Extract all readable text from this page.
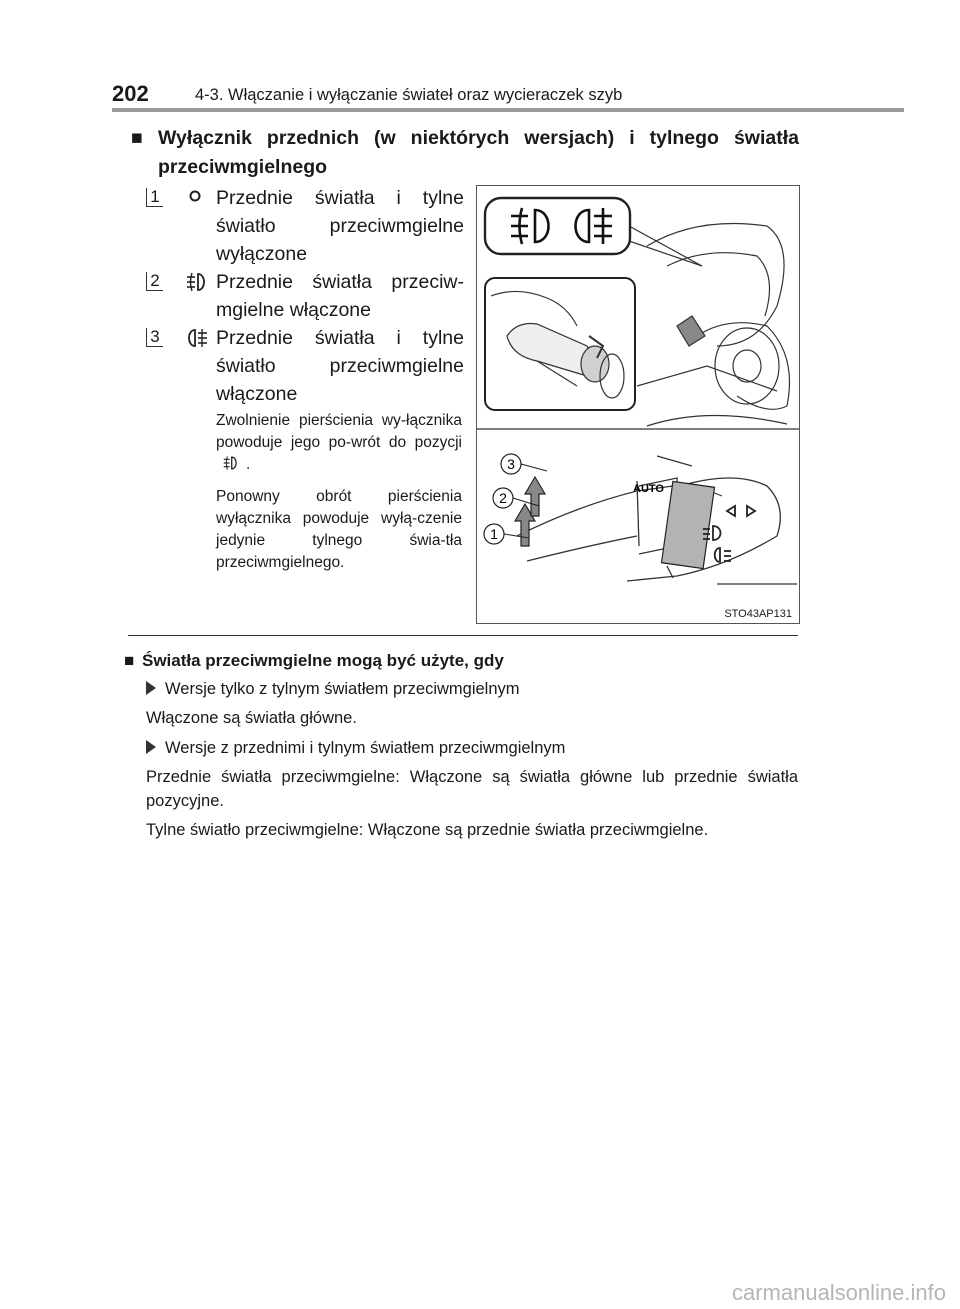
202	4-3. Włączanie i wyłączanie świateł oraz wycieraczek szyb
■ Wyłącznik przednich (w niektórych wersjach) i tylnego światła przeciwmgielnego
1	Przednie światła i tylne światło przeciwmgielne wyłączone
2	Przednie światła przeciw-mgielne włączone
3	Przednie światła i tylne światło przeciwmgielne włączone
Zwolnienie pierścienia wy-łącznika powoduje jego po-wrót do pozycji.
Ponowny obrót pierścienia wyłącznika powoduje wyłą-czenie jedynie tylnego świa-tła przeciwmgielnego.
AUTO
3
2
1
STO43AP131
■ Światła przeciwmgielne mogą być użyte, gdy
Wersje tylko z tylnym światłem przeciwmgielnym
Włączone są światła główne.
Wersje z przednimi i tylnym światłem przeciwmgielnym
Przednie światła przeciwmgielne: Włączone są światła główne lub przednie światła pozycyjne.
Tylne światło przeciwmgielne: Włączone są przednie światła przeciwmgielne.
carmanualsonline.info
